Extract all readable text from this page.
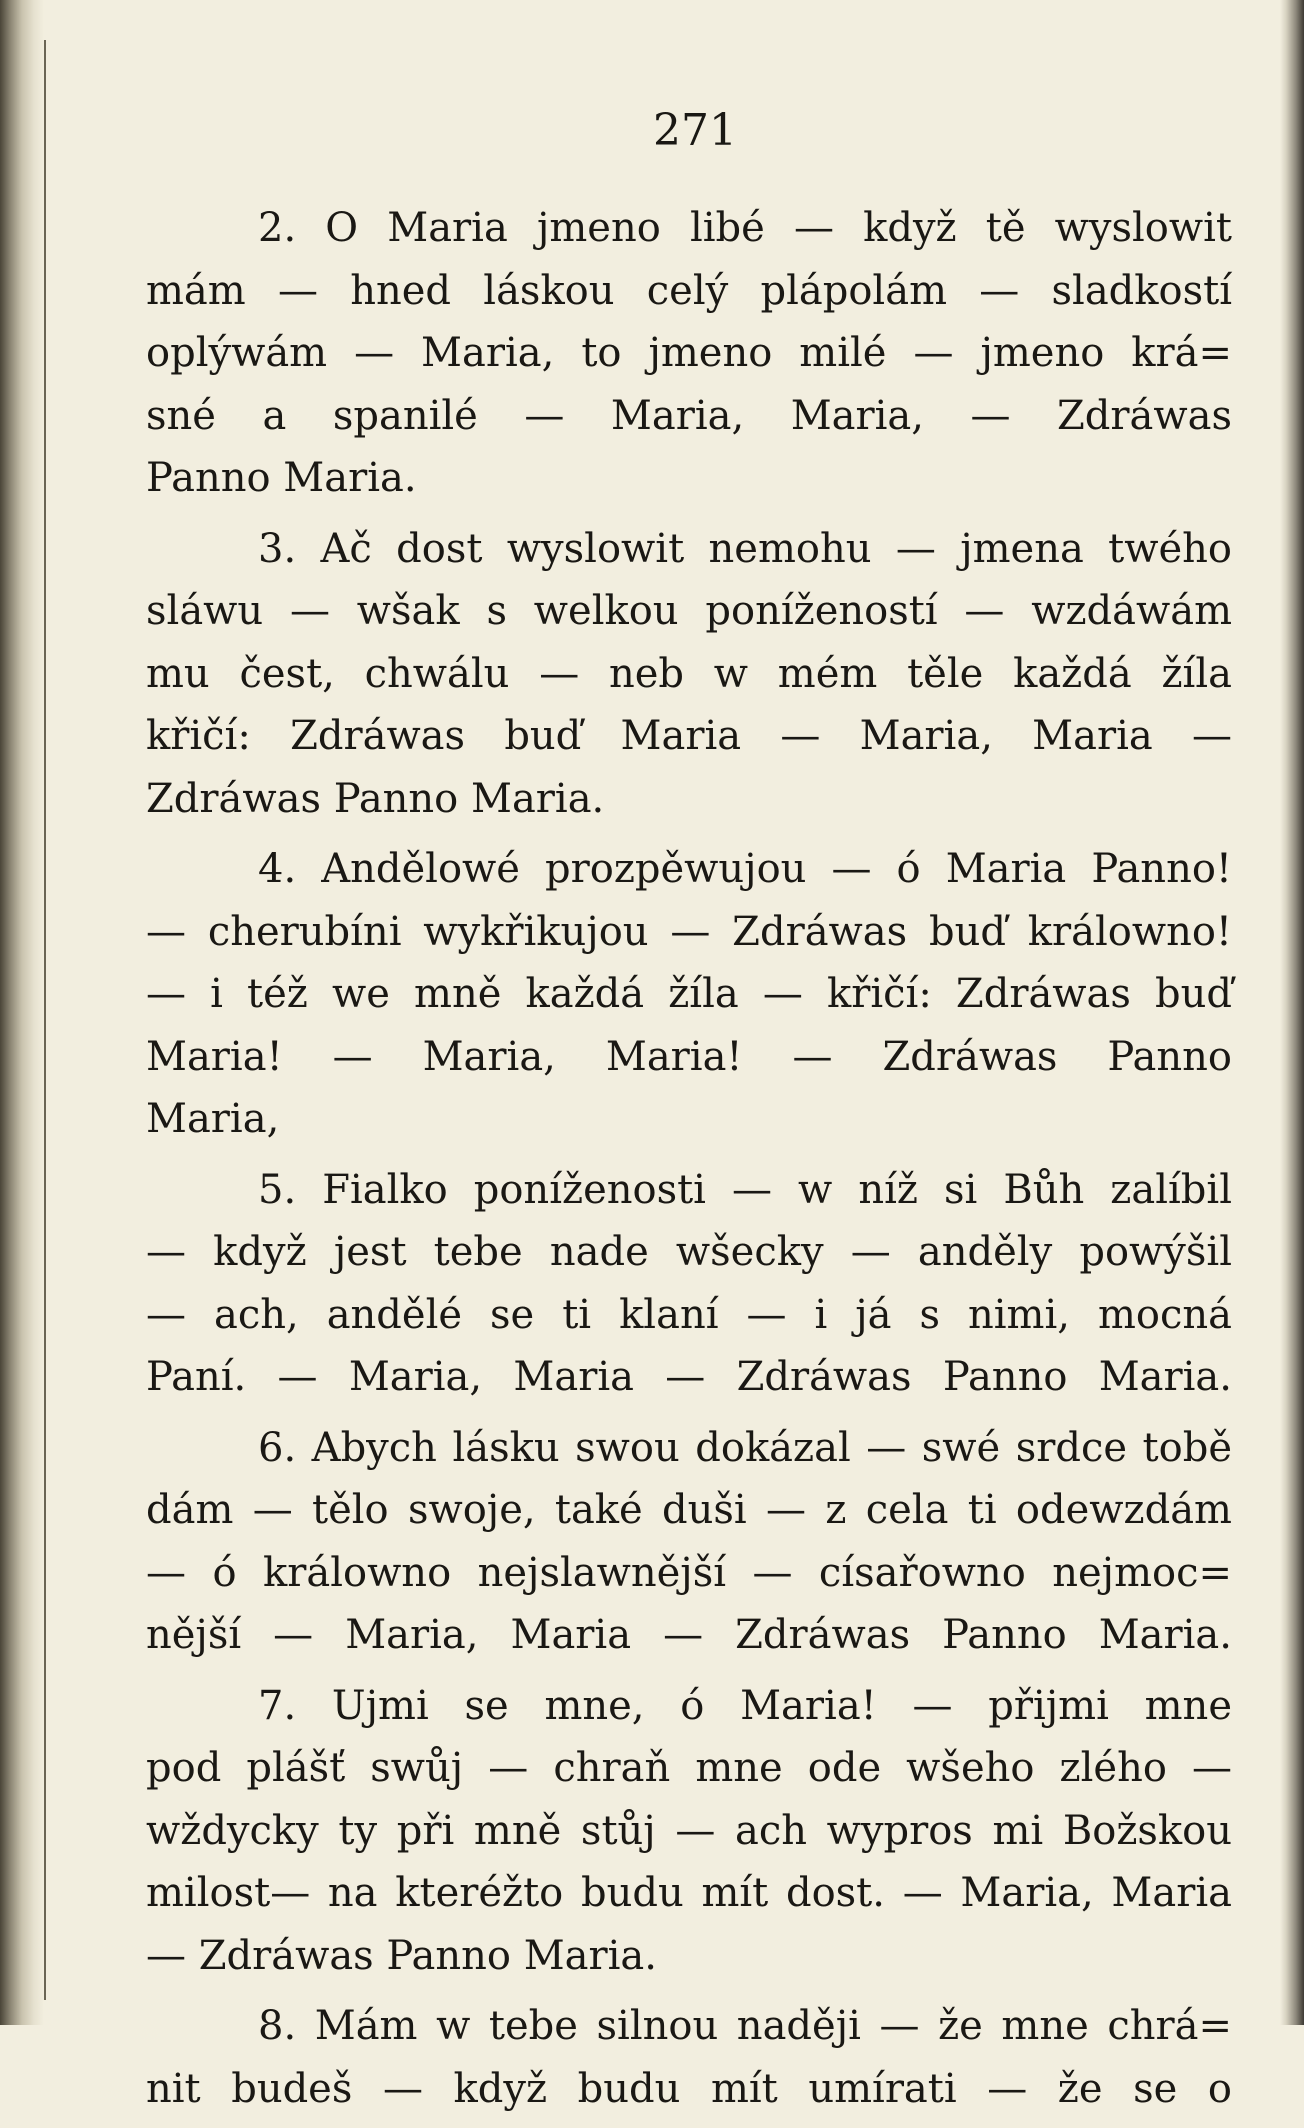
271
2. O Maria jmeno libé — když tě wyslowit
mám — hned láskou celý plápolám — sladkostí
oplýwám — Maria, to jmeno milé — jmeno krá=
sné a spanilé — Maria, Maria, — Zdráwas
Panno Maria.
3. Ač dost wyslowit nemohu — jmena twého
sláwu — wšak s welkou ponížeností — wzdáwám
mu čest, chwálu — neb w mém těle každá žíla
křičí: Zdráwas buď Maria — Maria, Maria —
Zdráwas Panno Maria.
4. Andělowé prozpěwujou — ó Maria Panno!
— cherubíni wykřikujou — Zdráwas buď králowno!
— i též we mně každá žíla — křičí: Zdráwas buď
Maria! — Maria, Maria! — Zdráwas Panno
Maria,
5. Fialko poníženosti — w níž si Bůh zalíbil
— když jest tebe nade wšecky — anděly powýšil
— ach, andělé se ti klaní — i já s nimi, mocná
Paní. — Maria, Maria — Zdráwas Panno Maria.
6. Abych lásku swou dokázal — swé srdce tobě
dám — tělo swoje, také duši — z cela ti odewzdám
— ó králowno nejslawnější — císařowno nejmoc=
nější — Maria, Maria — Zdráwas Panno Maria.
7. Ujmi se mne, ó Maria! — přijmi mne
pod plášť swůj — chraň mne ode wšeho zlého —
wždycky ty při mně stůj — ach wypros mi Božskou
milost— na kteréžto budu mít dost. — Maria, Maria
— Zdráwas Panno Maria.
8. Mám w tebe silnou naději — že mne chrá=
nit budeš — když budu mít umírati — že se o
